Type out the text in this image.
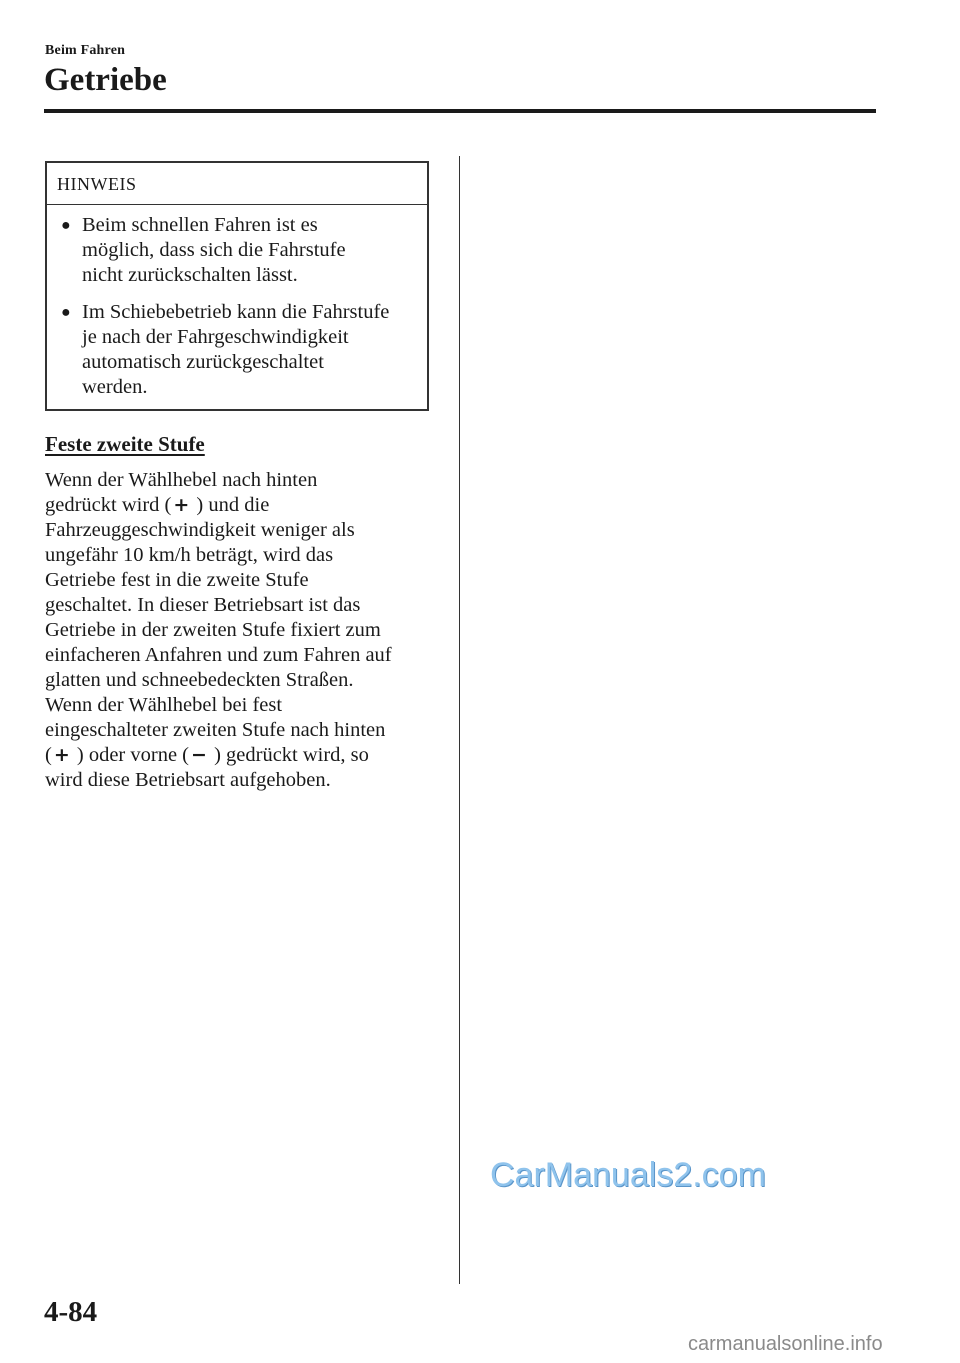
Beim Fahren
Getriebe
HINWEIS
● Beim schnellen Fahren ist es
möglich, dass sich die Fahrstufe
nicht zurückschalten lässt.
● Im Schiebebetrieb kann die Fahrstufe
je nach der Fahrgeschwindigkeit
automatisch zurückgeschaltet
werden.
Feste zweite Stufe
Wenn der Wählhebel nach hinten
gedrückt wird ( + ) und die
Fahrzeuggeschwindigkeit weniger als
ungefähr 10 km/h beträgt, wird das
Getriebe fest in die zweite Stufe
geschaltet. In dieser Betriebsart ist das
Getriebe in der zweiten Stufe fixiert zum
einfacheren Anfahren und zum Fahren auf
glatten und schneebedeckten Straßen.
Wenn der Wählhebel bei fest
eingeschalteter zweiten Stufe nach hinten
( + ) oder vorne ( − ) gedrückt wird, so
wird diese Betriebsart aufgehoben.
CarManuals2.com
4-84
carmanualsonline.info
